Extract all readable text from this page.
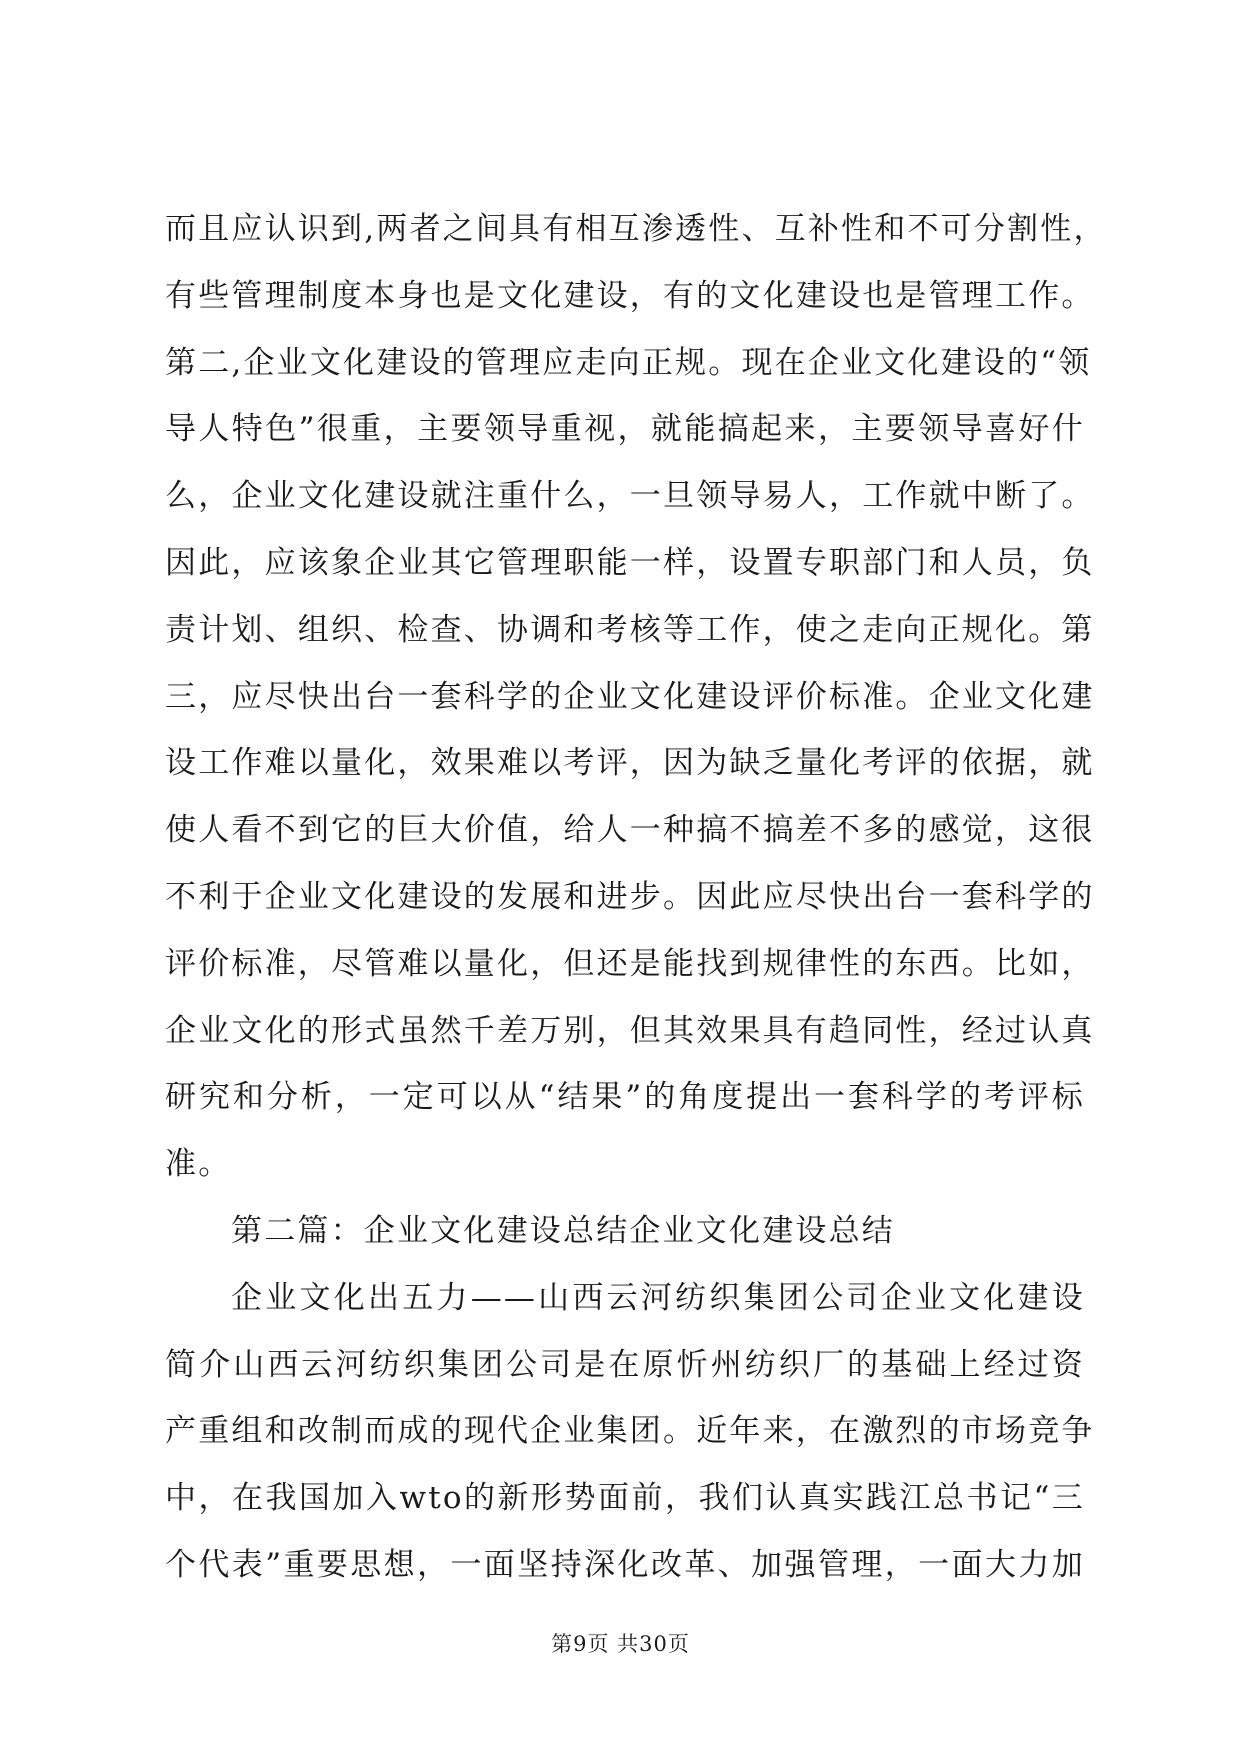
而且应认识到,两者之间具有相互渗透性、互补性和不可分割性，
有些管理制度本身也是文化建设，有的文化建设也是管理工作。
第二,企业文化建设的管理应走向正规。现在企业文化建设的“领
导人特色”很重，主要领导重视，就能搞起来，主要领导喜好什
么，企业文化建设就注重什么，一旦领导易人，工作就中断了。
因此，应该象企业其它管理职能一样，设置专职部门和人员，负
责计划、组织、检查、协调和考核等工作，使之走向正规化。第
三，应尽快出台一套科学的企业文化建设评价标准。企业文化建
设工作难以量化，效果难以考评，因为缺乏量化考评的依据，就
使人看不到它的巨大价值，给人一种搞不搞差不多的感觉，这很
不利于企业文化建设的发展和进步。因此应尽快出台一套科学的
评价标准，尽管难以量化，但还是能找到规律性的东西。比如，
企业文化的形式虽然千差万别，但其效果具有趋同性，经过认真
研究和分析，一定可以从“结果”的角度提出一套科学的考评标
准。
第二篇：企业文化建设总结企业文化建设总结
企业文化出五力——山西云河纺织集团公司企业文化建设
简介山西云河纺织集团公司是在原忻州纺织厂的基础上经过资
产重组和改制而成的现代企业集团。近年来，在激烈的市场竞争
中，在我国加入wto的新形势面前，我们认真实践江总书记“三
个代表”重要思想，一面坚持深化改革、加强管理，一面大力加
第9页 共30页
